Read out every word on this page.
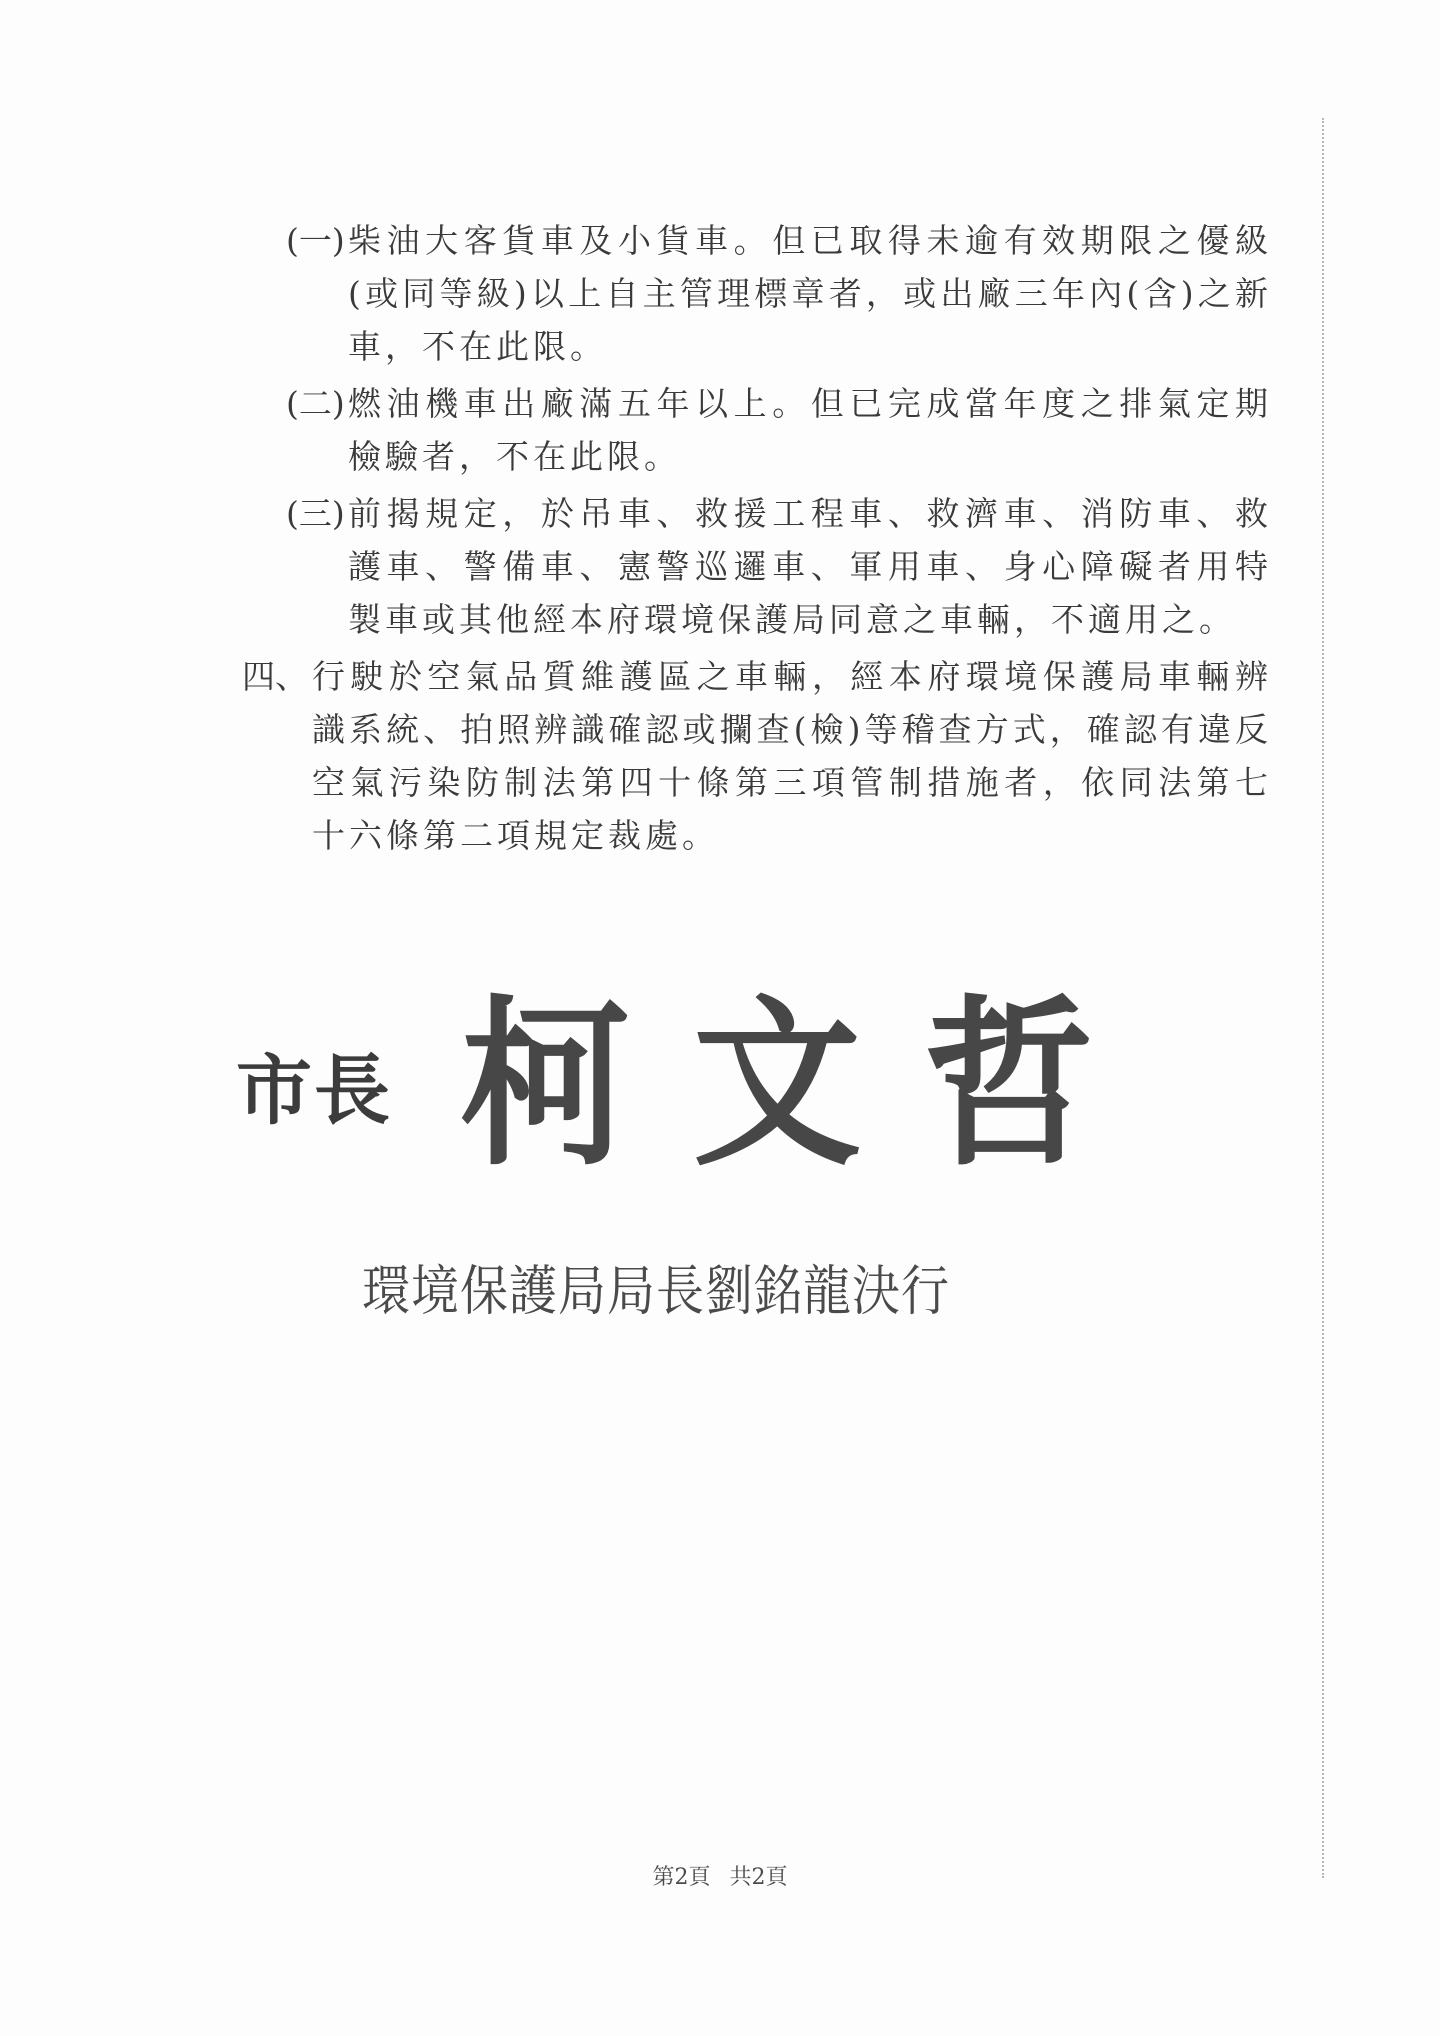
(一) 柴油大客貨車及小貨車。但已取得未逾有效期限之優級(或同等級)以上自主管理標章者，或出廠三年內(含)之新車，不在此限。
(二) 燃油機車出廠滿五年以上。但已完成當年度之排氣定期檢驗者，不在此限。
(三) 前揭規定，於吊車、救援工程車、救濟車、消防車、救護車、警備車、憲警巡邏車、軍用車、身心障礙者用特製車或其他經本府環境保護局同意之車輛，不適用之。
四、 行駛於空氣品質維護區之車輛，經本府環境保護局車輛辨識系統、拍照辨識確認或攔查(檢)等稽查方式，確認有違反空氣污染防制法第四十條第三項管制措施者，依同法第七十六條第二項規定裁處。
市長 柯文哲
環境保護局局長劉銘龍決行
第2頁 共2頁
